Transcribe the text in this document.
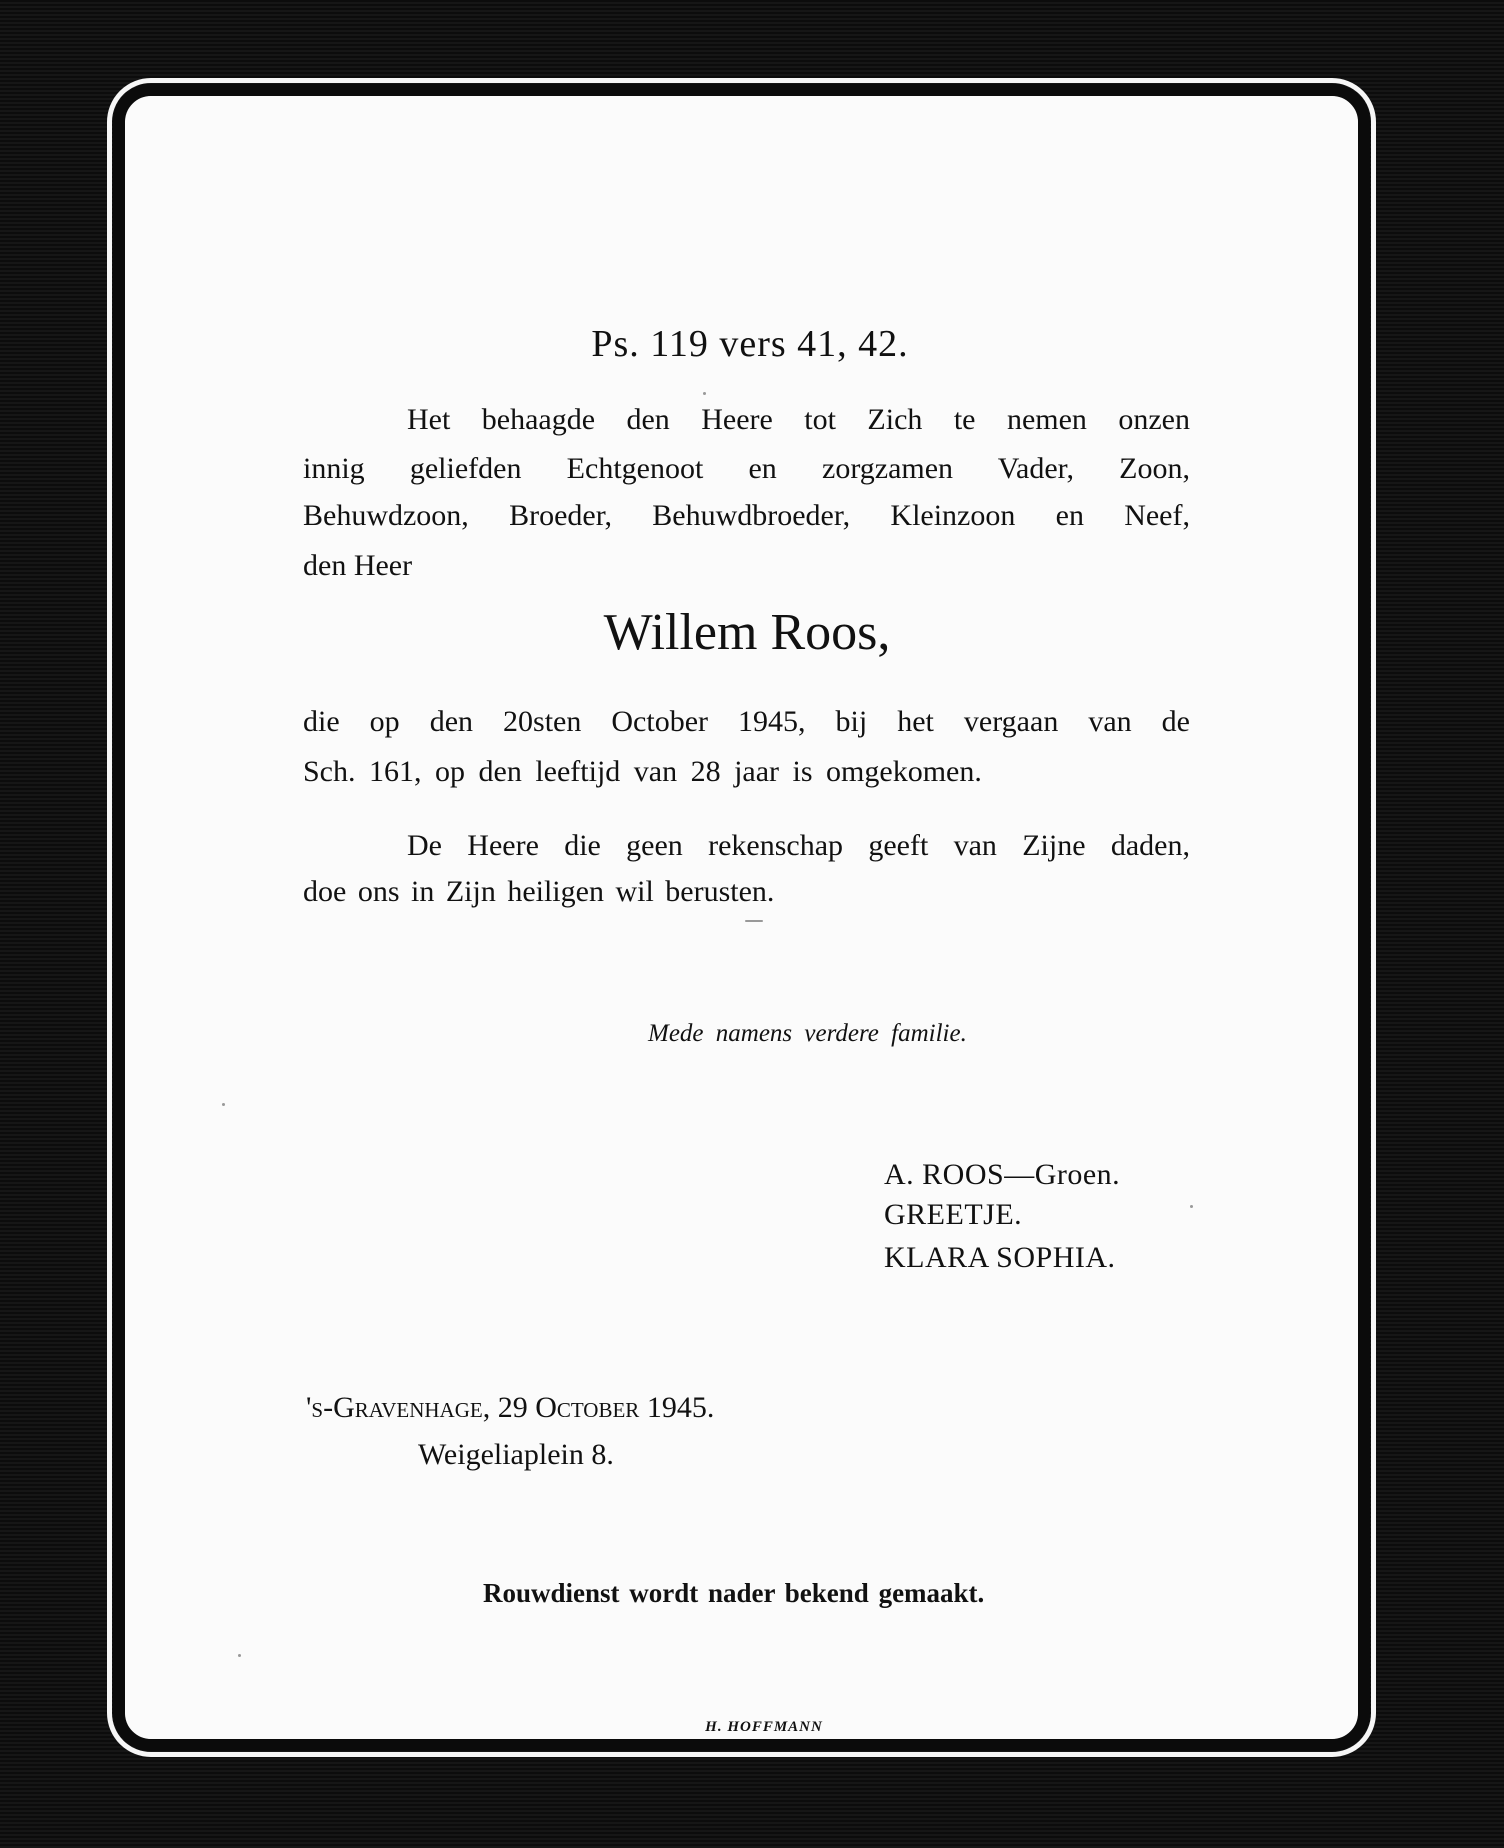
Ps. 119 vers 41, 42.
Het behaagde den Heere tot Zich te nemen onzen
innig geliefden Echtgenoot en zorgzamen Vader, Zoon,
Behuwdzoon, Broeder, Behuwdbroeder, Kleinzoon en Neef,
den Heer
Willem Roos,
die op den 20sten October 1945, bij het vergaan van de
Sch. 161, op den leeftijd van 28 jaar is omgekomen.
De Heere die geen rekenschap geeft van Zijne daden,
doe ons in Zijn heiligen wil berusten.
Mede namens verdere familie.
A. ROOS—Groen.
GREETJE.
KLARA SOPHIA.
's-Gravenhage, 29 October 1945.
Weigeliaplein 8.
Rouwdienst wordt nader bekend gemaakt.
H. HOFFMANN
